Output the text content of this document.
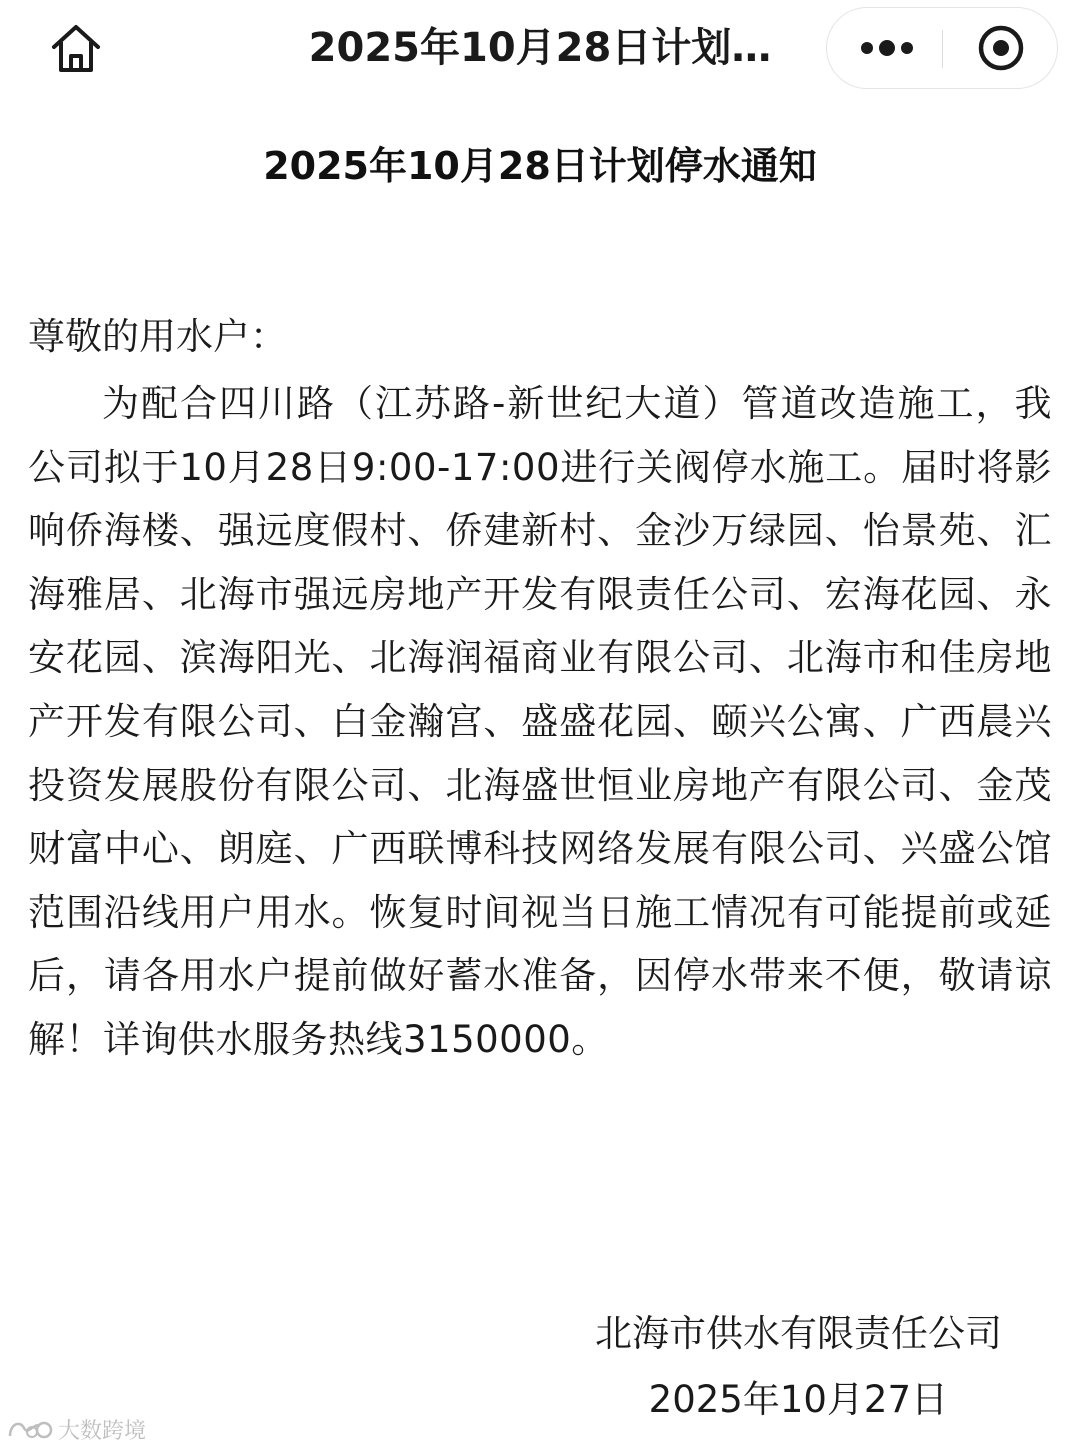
2025年10月28日计划…
2025年10月28日计划停水通知
尊敬的用水户：
为配合四川路（江苏路-新世纪大道）管道改造施工，我公司拟于10月28日9:00-17:00进行关阀停水施工。届时将影响侨海楼、强远度假村、侨建新村、金沙万绿园、怡景苑、汇海雅居、北海市强远房地产开发有限责任公司、宏海花园、永安花园、滨海阳光、北海润福商业有限公司、北海市和佳房地产开发有限公司、白金瀚宫、盛盛花园、颐兴公寓、广西晨兴投资发展股份有限公司、北海盛世恒业房地产有限公司、金茂财富中心、朗庭、广西联博科技网络发展有限公司、兴盛公馆范围沿线用户用水。恢复时间视当日施工情况有可能提前或延后，请各用水户提前做好蓄水准备，因停水带来不便，敬请谅解！详询供水服务热线3150000。
北海市供水有限责任公司
2025年10月27日
大数跨境
